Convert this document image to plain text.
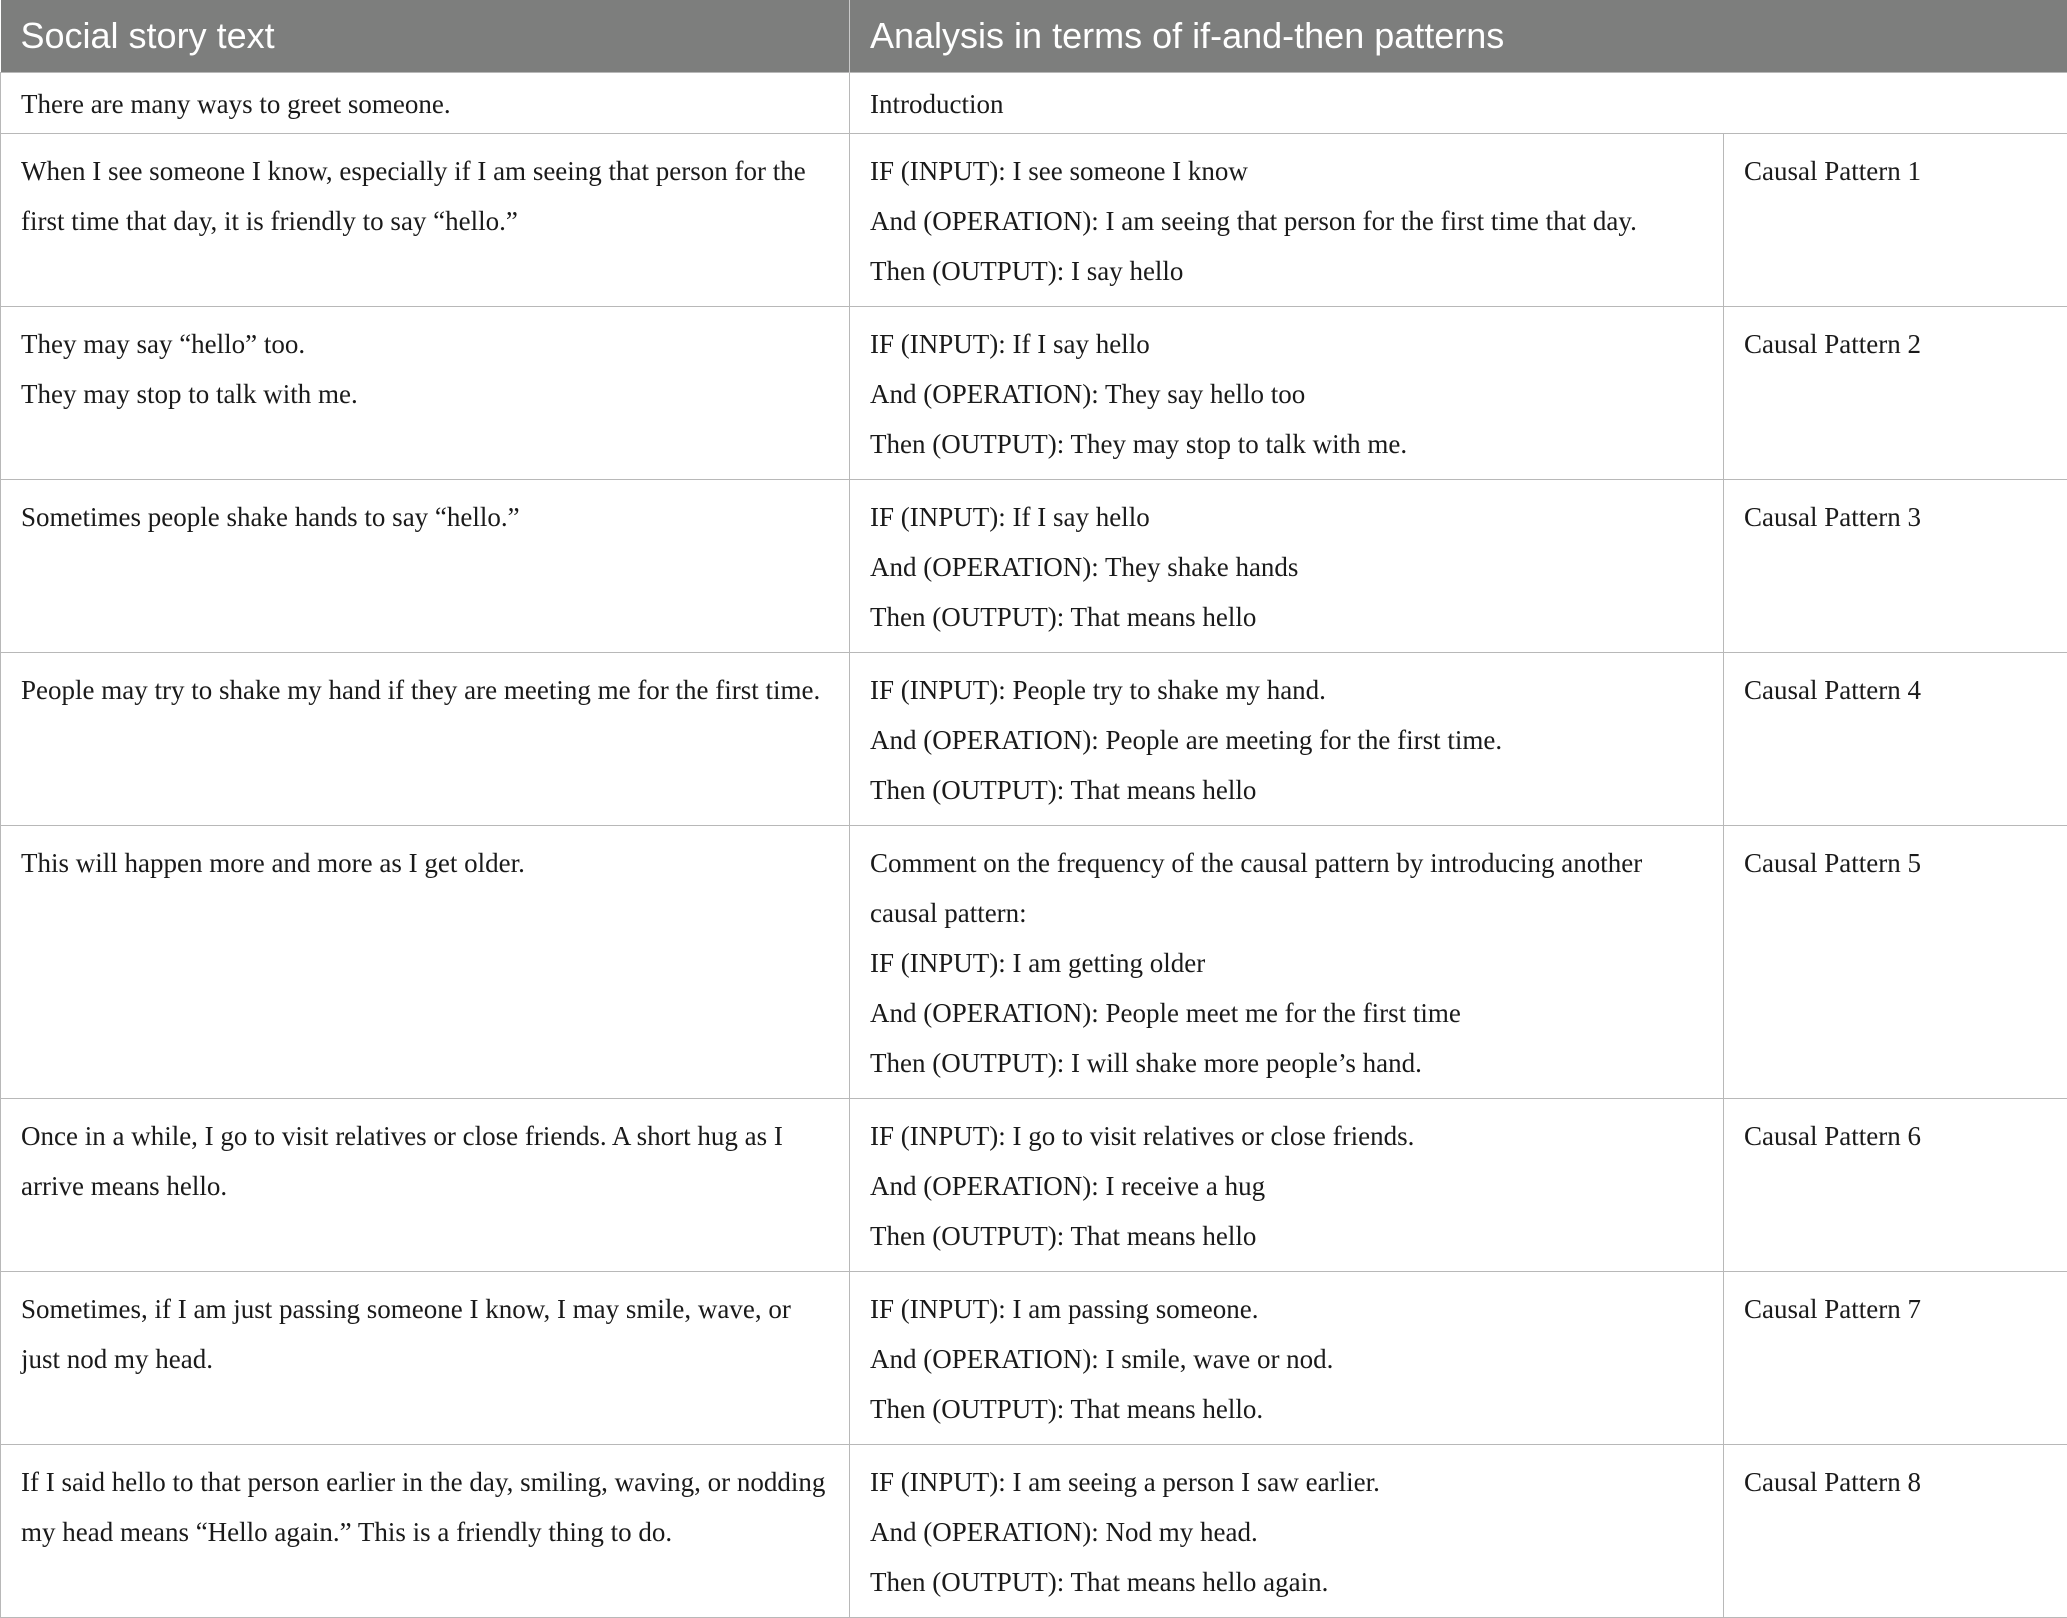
Social story text	Analysis in terms of if-and-then patterns	
There are many ways to greet someone.	Introduction	

When I see someone I know, especially if I am seeing that person for the first time that day, it is friendly to say “hello.”	IF (INPUT): I see someone I know
And (OPERATION): I am seeing that person for the first time that day.
Then (OUTPUT): I say hello	Causal Pattern 1

They may say “hello” too.
They may stop to talk with me.	IF (INPUT): If I say hello
And (OPERATION): They say hello too
Then (OUTPUT): They may stop to talk with me.	Causal Pattern 2

Sometimes people shake hands to say “hello.”	IF (INPUT): If I say hello
And (OPERATION): They shake hands
Then (OUTPUT): That means hello	Causal Pattern 3

People may try to shake my hand if they are meeting me for the first time.	IF (INPUT): People try to shake my hand.
And (OPERATION): People are meeting for the first time.
Then (OUTPUT): That means hello	Causal Pattern 4

This will happen more and more as I get older.	Comment on the frequency of the causal pattern by introducing another causal pattern:
IF (INPUT): I am getting older
And (OPERATION): People meet me for the first time
Then (OUTPUT): I will shake more people’s hand.	Causal Pattern 5

Once in a while, I go to visit relatives or close friends. A short hug as I arrive means hello.	IF (INPUT): I go to visit relatives or close friends.
And (OPERATION): I receive a hug
Then (OUTPUT): That means hello	Causal Pattern 6

Sometimes, if I am just passing someone I know, I may smile, wave, or just nod my head.	IF (INPUT): I am passing someone.
And (OPERATION): I smile, wave or nod.
Then (OUTPUT): That means hello.	Causal Pattern 7

If I said hello to that person earlier in the day, smiling, waving, or nodding my head means “Hello again.” This is a friendly thing to do.	IF (INPUT): I am seeing a person I saw earlier.
And (OPERATION): Nod my head.
Then (OUTPUT): That means hello again.	Causal Pattern 8
